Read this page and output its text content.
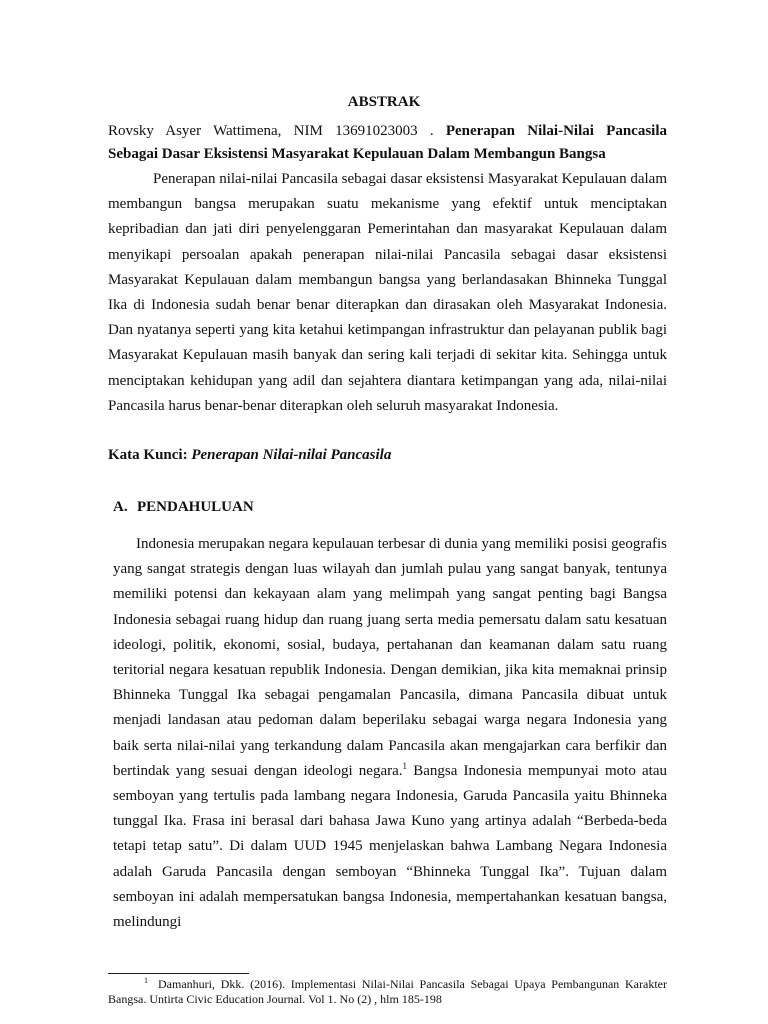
ABSTRAK
Rovsky Asyer Wattimena, NIM 13691023003 . Penerapan Nilai-Nilai Pancasila
Sebagai Dasar Eksistensi Masyarakat Kepulauan Dalam Membangun Bangsa

Penerapan nilai-nilai Pancasila sebagai dasar eksistensi Masyarakat Kepulauan dalam membangun bangsa merupakan suatu mekanisme yang efektif untuk menciptakan kepribadian dan jati diri penyelenggaran Pemerintahan dan masyarakat Kepulauan dalam menyikapi persoalan apakah penerapan nilai-nilai Pancasila sebagai dasar eksistensi Masyarakat Kepulauan dalam membangun bangsa yang berlandasakan Bhinneka Tunggal Ika di Indonesia sudah benar benar diterapkan dan dirasakan oleh Masyarakat Indonesia. Dan nyatanya seperti yang kita ketahui ketimpangan infrastruktur dan pelayanan publik bagi Masyarakat Kepulauan masih banyak dan sering kali terjadi di sekitar kita. Sehingga untuk menciptakan kehidupan yang adil dan sejahtera diantara ketimpangan yang ada, nilai-nilai Pancasila harus benar-benar diterapkan oleh seluruh masyarakat Indonesia.

Kata Kunci: Penerapan Nilai-nilai Pancasila
A. PENDAHULUAN

Indonesia merupakan negara kepulauan terbesar di dunia yang memiliki posisi geografis yang sangat strategis dengan luas wilayah dan jumlah pulau yang sangat banyak, tentunya memiliki potensi dan kekayaan alam yang melimpah yang sangat penting bagi Bangsa Indonesia sebagai ruang hidup dan ruang juang serta media pemersatu dalam satu kesatuan ideologi, politik, ekonomi, sosial, budaya, pertahanan dan keamanan dalam satu ruang teritorial negara kesatuan republik Indonesia. Dengan demikian, jika kita memaknai prinsip Bhinneka Tunggal Ika sebagai pengamalan Pancasila, dimana Pancasila dibuat untuk menjadi landasan atau pedoman dalam beperilaku sebagai warga negara Indonesia yang baik serta nilai-nilai yang terkandung dalam Pancasila akan mengajarkan cara berfikir dan bertindak yang sesuai dengan ideologi negara.$^1$ Bangsa Indonesia mempunyai moto atau semboyan yang tertulis pada lambang negara Indonesia, Garuda Pancasila yaitu Bhinneka tunggal Ika. Frasa ini berasal dari bahasa Jawa Kuno yang artinya adalah “Berbeda-beda tetapi tetap satu”. Di dalam UUD 1945 menjelaskan bahwa Lambang Negara Indonesia adalah Garuda Pancasila dengan semboyan “Bhinneka Tunggal Ika”. Tujuan dalam semboyan ini adalah mempersatukan bangsa Indonesia, mempertahankan kesatuan bangsa, melindungi

$^1$ Damanhuri, Dkk. (2016). Implementasi Nilai-Nilai Pancasila Sebagai Upaya Pembangunan Karakter Bangsa. Untirta Civic Education Journal. Vol 1. No (2) , hlm 185-198
